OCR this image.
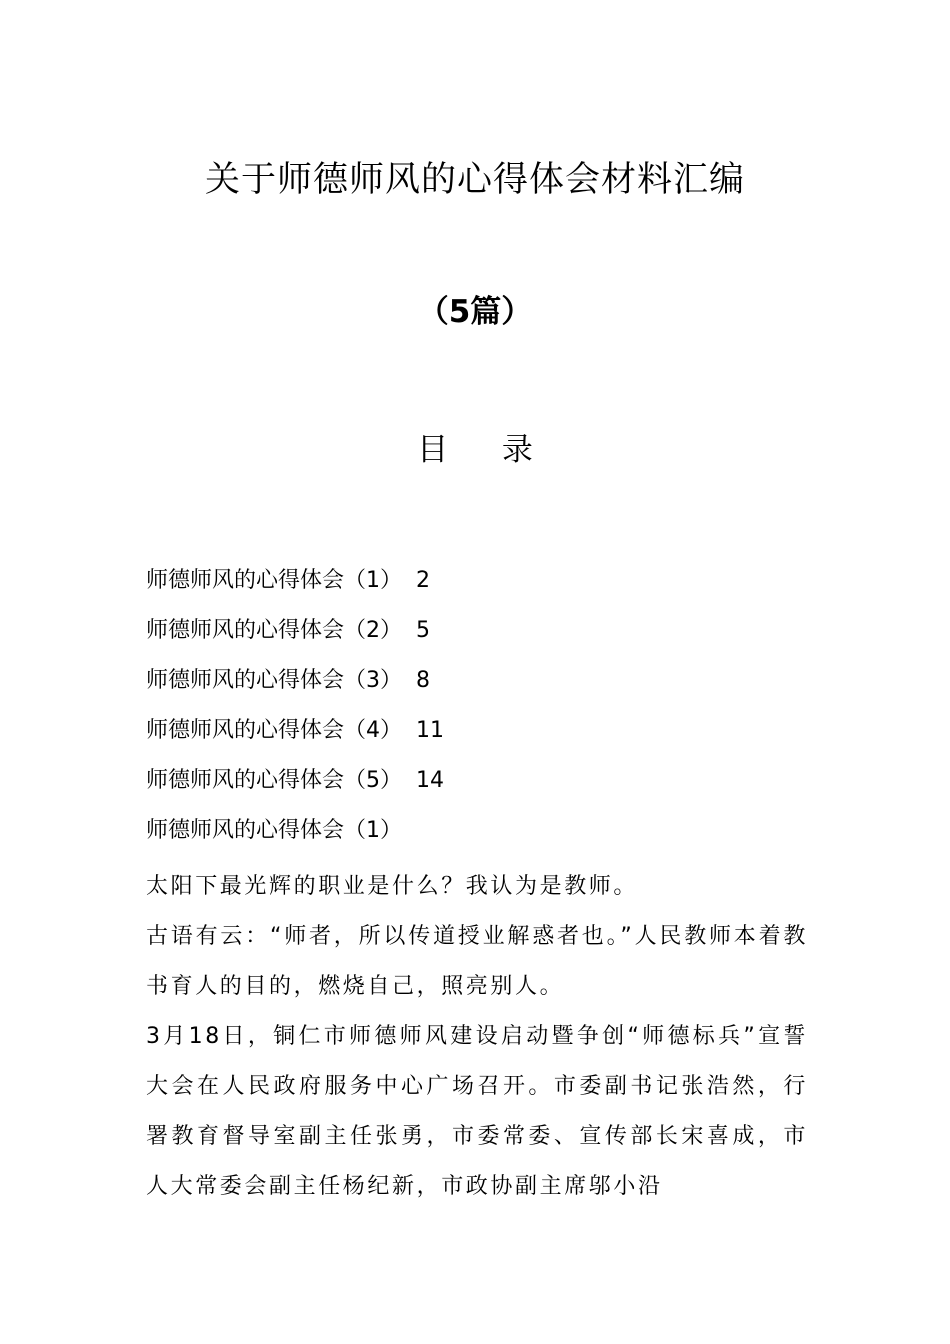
关于师德师风的心得体会材料汇编
（5篇）
目 录
师德师风的心得体会（1） 2
师德师风的心得体会（2） 5
师德师风的心得体会（3） 8
师德师风的心得体会（4） 11
师德师风的心得体会（5） 14
师德师风的心得体会（1）

太阳下最光辉的职业是什么？我认为是教师。

古语有云：“师者，所以传道授业解惑者也。”人民教师本着教书育人的目的，燃烧自己，照亮别人。

3月18日，铜仁市师德师风建设启动暨争创“师德标兵”宣誓大会在人民政府服务中心广场召开。市委副书记张浩然，行署教育督导室副主任张勇，市委常委、宣传部长宋喜成，市人大常委会副主任杨纪新，市政协副主席邬小沿
